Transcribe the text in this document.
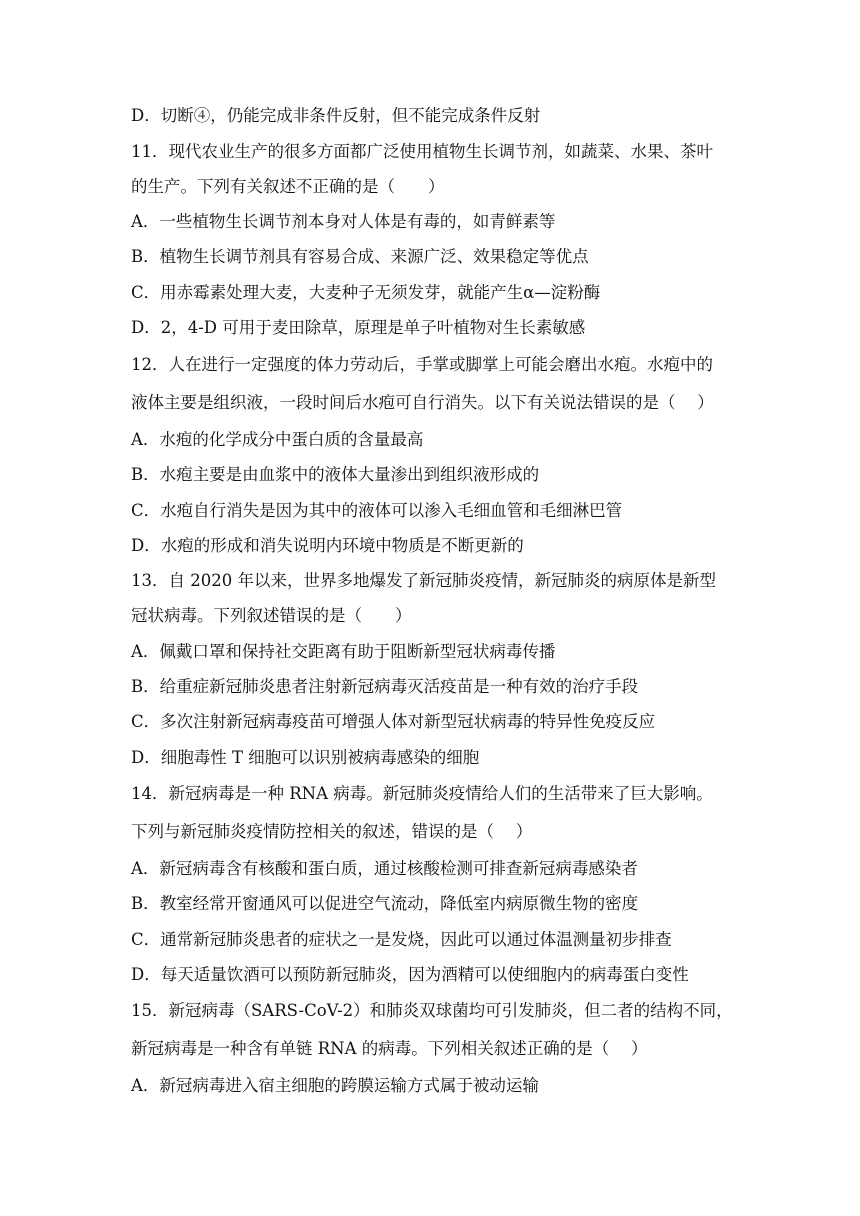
D．切断④，仍能完成非条件反射，但不能完成条件反射
11．现代农业生产的很多方面都广泛使用植物生长调节剂，如蔬菜、水果、茶叶
的生产。下列有关叙述不正确的是（　　）
A．一些植物生长调节剂本身对人体是有毒的，如青鲜素等
B．植物生长调节剂具有容易合成、来源广泛、效果稳定等优点
C．用赤霉素处理大麦，大麦种子无须发芽，就能产生α—淀粉酶
D．2，4-D 可用于麦田除草，原理是单子叶植物对生长素敏感
12．人在进行一定强度的体力劳动后，手掌或脚掌上可能会磨出水疱。水疱中的
液体主要是组织液，一段时间后水疱可自行消失。以下有关说法错误的是（　 ）
A．水疱的化学成分中蛋白质的含量最高
B．水疱主要是由血浆中的液体大量渗出到组织液形成的
C．水疱自行消失是因为其中的液体可以渗入毛细血管和毛细淋巴管
D．水疱的形成和消失说明内环境中物质是不断更新的
13．自 2020 年以来，世界多地爆发了新冠肺炎疫情，新冠肺炎的病原体是新型
冠状病毒。下列叙述错误的是（　　）
A．佩戴口罩和保持社交距离有助于阻断新型冠状病毒传播
B．给重症新冠肺炎患者注射新冠病毒灭活疫苗是一种有效的治疗手段
C．多次注射新冠病毒疫苗可增强人体对新型冠状病毒的特异性免疫反应
D．细胞毒性 T 细胞可以识别被病毒感染的细胞
14．新冠病毒是一种 RNA 病毒。新冠肺炎疫情给人们的生活带来了巨大影响。
下列与新冠肺炎疫情防控相关的叙述，错误的是（　 ）
A．新冠病毒含有核酸和蛋白质，通过核酸检测可排查新冠病毒感染者
B．教室经常开窗通风可以促进空气流动，降低室内病原微生物的密度
C．通常新冠肺炎患者的症状之一是发烧，因此可以通过体温测量初步排查
D．每天适量饮酒可以预防新冠肺炎，因为酒精可以使细胞内的病毒蛋白变性
15．新冠病毒（SARS-CoV-2）和肺炎双球菌均可引发肺炎，但二者的结构不同，
新冠病毒是一种含有单链 RNA 的病毒。下列相关叙述正确的是（　 ）
A．新冠病毒进入宿主细胞的跨膜运输方式属于被动运输
